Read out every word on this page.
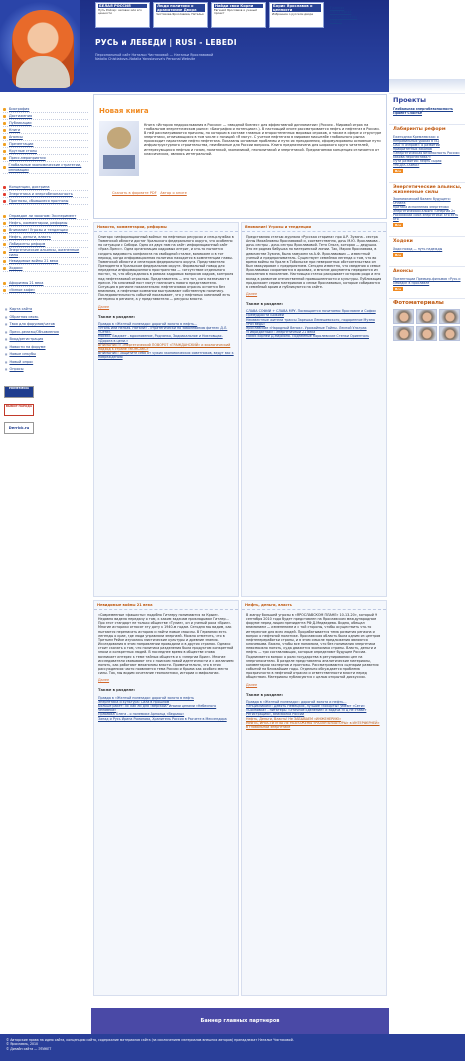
БЕЛАЯ РОССИЯ
Путь Ройзэр: человек или его ценности
Люди политики о драматизме Двора
Чистякова-Ярославова, Наталья
Найди свои Корни
Евгений Ярославов и ученый проект
Борис Ярославов о ценности
Избранное о русском дворе
Главная
Карта сайта
Обратная связь
English
РУСЬ и ЛЕБЕДИ | RUSI - LEBEDI
Персональный сайт Натальи Чистяковой — Натальи Ярославовой
Natalia Chistiakova–Natalia Yaroslavova's Personal Website
Биография
Достижения
Публикации
Книги
Анонсы
Презентации
Круглые столы
Пресс-мероприятия
Глобальные экономические стратегии, инновации
Концепции, доктрина
Энергетика и энергобезопасность
Прогнозы, сбывшиеся прогнозы
Оправдан ли законом: Эксперимент
Нефть, комментарии, реформы
Внимание! Угрозы и тенденции
Нефть, деньги, власть
Лабиринты реформ
Энергетические альянсы, жизненные силы
Невидимые войны 21 века
Ходоки
Афоризмы 21 века
«Умное кафе»
■ Карта сайта
■ Обратная связь
■ Твоя для форумов/чатов
■ Пресс-релизы/Объявления
■ Вход/регистрация
■ Новости на форуме
■ Новые инкубы
■ Новый опрос
■ Опросы
PRIMEMEDIA
ВЫБОР НАРОДА
Derrick.ru
Новая книга
Книга «История недоросльвания в России» — «вводной бизнес» для эффективной дипломатии» (Россия - Мировой игрок на глобальном энергетическом рынке: «Биография и потенциал».). В настоящий книге рассматривается нефть и нефтегаз в России. В ней рассматриваются причины, по которым в составе главных и второстепенных мировых игроков, а также в сфере и структуре энергетики, отличающихся в том числе с позиций «Я могу». С учетом нефтегаза в мировом масштабе глобального рынка происходит нарастание нефти нефтегаза. Показаны основные проблемы и пути их преодоления, сформулированы основные пути инфраструктурного строительства, неизбежные для России вопросы. Книга предназначена для широкого круга читателей, интересующихся нефтью и газом, политикой, экономикой, геополитикой и энергетикой. Предлагаемая концепция отличается от классических, являясь интегральной.
Скачать в формате PDF Автор о книге
Новости, комментарии, реформы
Олигарх «информационный войны» на нефтяных ресурсах и спецслужбах в Тюменской области достиг Уральского федерального округа, что особенно по ситуации с Сибири. Одно из двух нам на сайт: информационный сайт «Урал-Пресс». Одна организация кадровых интриг, и кто-то пытается создать видимость конфликта на свободной сталке, возможен и в тот период, когда информационная политика находится в компетенции главы. Тюменской области и сенаторов федерального округа. Представителя Президента в Уральском федеральном округе. Формальный повод для переделки информационного пространства — «отсутствие отдельного поста», то, что обсуждалась в рамках кадровых вопросов кадров, контроля над нефтегазовой отраслью. Представитель — это тот, кого назначают в прессе. На ключевой пост могут назначить нового представителя. Ситуация в регионе показательна: нефтегазовая отрасль остается без внимания, а нефтяные компании выстраивают собственную политику. Последовательность событий показывает, что у нефтяных компаний есть интересы в регионе, а у представителя — ресурсы власти.
Далее
Также в разделе:
Правда в «Желтый нилезадо» дорогой золота в нефть…
«Уголь или нельзя. Натали» - стратегически по заболеванию фитнес Д.Л. «Сети».
Мосэкс. Бюджет - вдохновение, Родзянко, Зодиакальное и Никтовщах. «Дорога в цели.»
ВНИМАНИЕ!!! Энергетический ПОВОРОТ «ГРАЖДАНСКИЙ» и экологический подход к стране «КОНСАКС»
ВНИМАНИЕ! Защитите себя от чужих экономических советников, ведут вас к повреждению
Внимание! Угрозы и тенденции
Представляю статью журнала «Русская старина» про А.Р. Зузина - сестра Анны Михайловны Ярославовой и, соответственно, дочь М.Ю. Ярославова - дочь сестры - дочь сестры Ярославовой. Тетя Ольга, которая — дедушка. Это ее родная бабушка по материнской линии. Так, Мария Ярославова, в девичестве Зузина, была замужем за А.Ф. Ярославовым — известный ученый и предприниматель. Существует семейная легенда о том, что во время войны на Урале в Тобольске при невероятных обстоятельствах он был эвакуирован с предприятием. Сегодня известно, что сведения о семье Ярославовых сохраняются в архивах, и многие документы передаются из поколения в поколение. Настоящая статья раскрывает историю рода и его вклад в развитие отечественной промышленности и культуры. Публикация продолжает серию материалов о семье Ярославовых, которые собираются в семейный архив и публикуются на сайте.
Далее
Также в разделе:
СЛАВА СОФИИ + СЛАВА МРУ. Посвящается почитаемо Ярославле и Софии Премудрости Божией
Неизвестные жители трассы Зарешья Лемешевского, подаренное Музею «Раз ведь»
Ярославские «Народный Венок». Урожайные Тайны. Лесной Ультрак «Гибридатный»: Энергетичный 21 века
Поиск корней Д.Марионо. Подземные Королевские Стенки Ориенталь
Невидимые войны 21 века
«Современные «фашисты» подобно Гитлеру понимаются за Крым». Недавно видела передачу о том, к каким задачам прикладывал Гитлер... Про этот стандарт не только обществе «Тулие», он и ученый рока «Врил». Многие историки относят эту дату к 1940-м годам. Сегодня мы видим, как пытаются переписать историю и найти новые смыслы. В Германии есть легенды о крае, где люди управляли энергией. Можно отметить, что в Третьем Рейхе изучались мистические культуры и древние знания. Исследования в этом направлении проводили и в других странах. Однако стоит сказать о том, что политика разделения была продуктом конкретной эпохи и конкретных людей. В последнее время в обществе снова возникает интерес к теме тайных обществ и к «энергии Врил». Многие исследователи связывают это с поиском новой идентичности и с желанием понять, как работают механизмы власти. Примечательно, что в этих рассуждениях часто появляется тема России и Крыма как особого места силы. Так, мы видим сочетание геополитики, истории и мифологии.
Далее
Также в разделе:
Правда в «Желтый нилезадо» дорогой золота в нефть
Энергетика и культура: Сила в прошлом
Больше ракет: ЛЕ как ли для Тверской? Иными ценами «Небесного человека»
Прабабка Олега - о полемике Арнольд «Ведьмы»
Запад и Русь Ирина Романова, Хранитель Россия в Расчете в Мессендора
Нефть, деньги, власть
В жанру большей угрозы в «ЯРОСЛАВСКОМ ПЛАНЕ» 10-13-20», который 9 сентября 2010 года будет представлен на Ярославском международном форуме перед лицом президента РФ Д.Медведева. Видно, обещал вниманием — изменением и с той стороны, чтобы осуществить что-то интересное для всех людей. Прорабатывается тема развития региона и вопрос о нефтяной политике. Ярославская область была одним из центров нефтепереработки страны, и в этом смысле предложения являются ключевыми. Важно, чтобы все понимали, что без понимания энергетики невозможно понять, куда движется экономика страны. Власть, деньги и нефть — три составляющих, которые определяют будущее России. Поднимается вопрос о роли государства в регулировании цен на энергоносители. В разделе представлены аналитические материалы, комментарии экспертов и прогнозы. Рассматриваются сценарии развития событий на ближайшие годы. Отдельно обсуждается проблема прозрачности в нефтяной отрасли и ответственности власти перед обществом. Материалы публикуются с целью открытой дискуссии.
Далее
Также в разделе:
Правда в «Желтый нилезадо»: дорогой золота и нефть…
«Энцикликом»: Девять Немецких, лучшие «эскорты» умеют «Сети»
«Сосновка» - питатерь: «Этичное сделение» и задача ЯТЦ не ставит Регистрацию», бейсболка России
Нефть, Деньги, Власть! Не ЗАБЫВАЕМ «ИНЖЕНЕРИЮ»
НЕФТЬ, ИНОСТИТУТЫ ЛЕ РАЗЛОЖЕНЫ «РАЗЛУТЬЯЗАТОРЫ» в ИНТЕРФЕРНЕЙ» в глобальной энергетике
Баннер главных партнеров
Проекты
Глобальная энергобезопасность
Проект Счастье
Лабиринты реформ
Ежегодная Кремлевская: о неправильных уроках в ПЦ
ОАО «Газпром»: о развитии приоритетных законов
«Энергетическая безопасность России: какова перспектива?»
Пути развития: нефть сырая «НЕДОСТАВКА»
Все
Энергетические альянсы, жизненные силы
Экономический баланс будущего: Оплата
Критика исполнения энергетики
Энергетический альянс «Энергия 2»
Российский союз энергетики: кто есть кто
Все
Ходоки
Ходи поход — путь надежды
Все
Анонсы
Презентации Премьер-фильмов «Русь и Лебеди» в Ярославле
Все
Фотоматериалы
© Авторские права на идею сайта, концепцию сайта, содержание материалов сайта (за исключением материалов внешних авторов) принадлежат Наталье Чистяковой.
© Ярославль, 2010
© Дизайн сайта — ЭТИКЕТ
